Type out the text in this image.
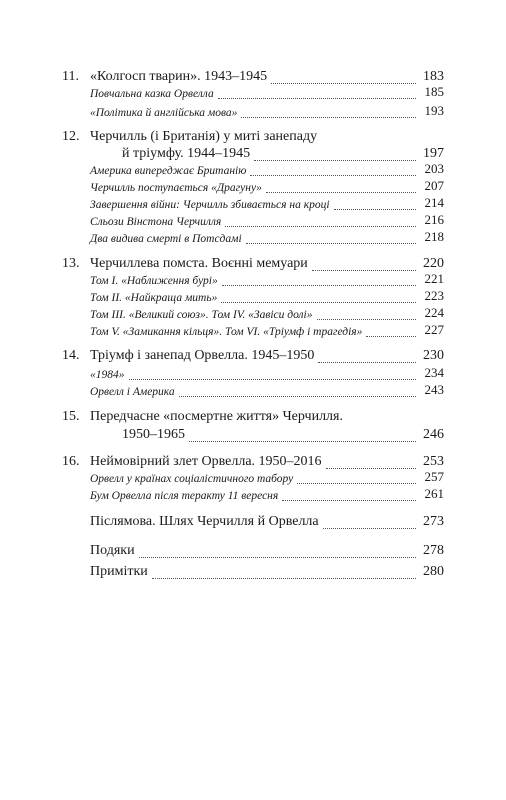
11. «Колгосп тварин». 1943–1945	183
Повчальна казка Орвелла	185
«Політика й англійська мова»	193
12. Черчилль (і Британія) у миті занепаду
й тріумфу. 1944–1945	197
Америка випереджає Британію	203
Черчилль поступається «Драгуну»	207
Завершення війни: Черчилль збивається на кроці	214
Сльози Вінстона Черчилля	216
Два видива смерті в Потсдамі	218
13. Черчиллева помста. Воєнні мемуари	220
Том I. «Наближення бурі»	221
Том II. «Найкраща мить»	223
Том III. «Великий союз». Том IV. «Завіси долі»	224
Том V. «Замикання кільця». Том VI. «Тріумф і трагедія»	227
14. Тріумф і занепад Орвелла. 1945–1950	230
«1984»	234
Орвелл і Америка	243
15. Передчасне «посмертне життя» Черчилля.
1950–1965	246
16. Неймовірний злет Орвелла. 1950–2016	253
Орвелл у країнах соціалістичного табору	257
Бум Орвелла після теракту 11 вересня	261
Післямова. Шлях Черчилля й Орвелла	273
Подяки	278
Примітки	280
